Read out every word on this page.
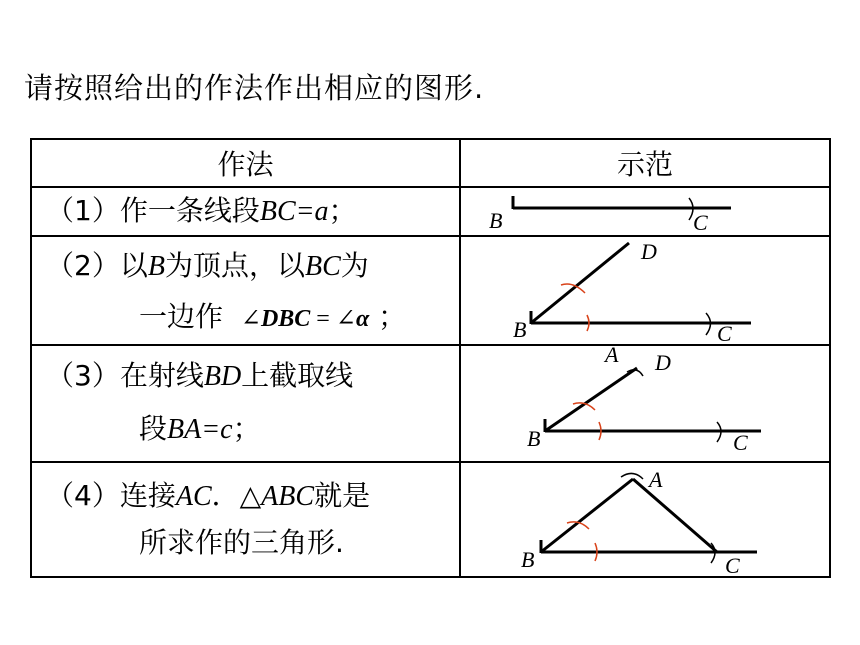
请按照给出的作法作出相应的图形.
作法	示范

（1）作一条线段BC=a；	B C

（2）以B为顶点，以BC为
一边作 ∠DBC = ∠α ；	B C
D

（3）在射线BD上截取线
段BA=c；	B C
D
A

（4）连接AC．△ABC就是
所求作的三角形.	B C
A
